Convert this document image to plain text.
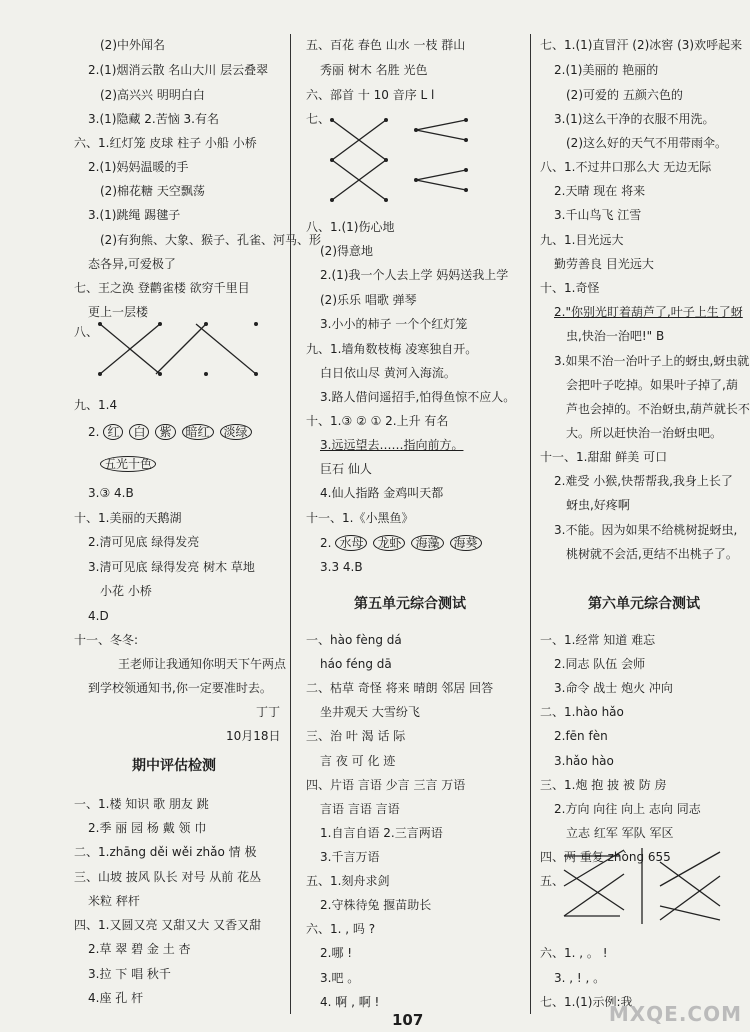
(2)中外闻名
2.(1)烟消云散 名山大川 层云叠翠
(2)高兴兴 明明白白
3.(1)隐藏 2.苦恼 3.有名
六、1.红灯笼 皮球 柱子 小船 小桥
2.(1)妈妈温暖的手
(2)棉花糖 天空飘荡
3.(1)跳绳 踢毽子
(2)有狗熊、大象、猴子、孔雀、河马、形
态各异,可爱极了
七、王之涣 登鹳雀楼 欲穷千里目
更上一层楼
八、
九、1.4
3.③ 4.B
十、1.美丽的天鹅湖
2.清可见底 绿得发亮
3.清可见底 绿得发亮 树木 草地
小花 小桥
4.D
十一、冬冬:
王老师让我通知你明天下午两点
到学校领通知书,你一定要准时去。
丁丁
10月18日
一、1.楼 知识 歌 朋友 跳
2.季 丽 园 杨 戴 领 巾
二、1.zhāng děi wěi zhǎo 情 极
三、山坡 披风 队长 对号 从前 花丛
米粒 秤杆
四、1.又圆又亮 又甜又大 又香又甜
2.草 翠 碧 金 土 杏
3.拉 下 唱 秋千
4.座 孔 杆
五、百花 春色 山水 一枝 群山
秀丽 树木 名胜 光色
六、部首 十 10 音序 L l
七、
八、1.(1)伤心地
(2)得意地
2.(1)我一个人去上学 妈妈送我上学
(2)乐乐 唱歌 弹琴
3.小小的柿子 一个个红灯笼
九、1.墙角数枝梅 凌寒独自开。
白日依山尽 黄河入海流。
3.路人借问遥招手,怕得鱼惊不应人。
十、1.③ ② ① 2.上升 有名
巨石 仙人
4.仙人指路 金鸡叫天都
十一、1.《小黑鱼》
3.3 4.B
一、hào fèng dá
háo féng dā
二、枯草 奇怪 将来 晴朗 邻居 回答
坐井观天 大雪纷飞
三、治 叶 渴 话 际
言 夜 可 化 迹
四、片语 言语 少言 三言 万语
言语 言语 言语
1.自言自语 2.三言两语
3.千言万语
五、1.刻舟求剑
2.守株待兔 揠苗助长
六、1. , 吗 ?
2.哪 !
3.吧 。
4. 啊 , 啊 !
七、1.(1)直冒汗 (2)冰窖 (3)欢呼起来
2.(1)美丽的 艳丽的
(2)可爱的 五颜六色的
3.(1)这么干净的衣服不用洗。
(2)这么好的天气不用带雨伞。
八、1.不过井口那么大 无边无际
2.天晴 现在 将来
3.千山鸟飞 江雪
九、1.目光远大
勤劳善良 目光远大
十、1.奇怪
虫,快治一治吧!" B
3.如果不治一治叶子上的蚜虫,蚜虫就
会把叶子吃掉。如果叶子掉了,葫
芦也会掉的。不治蚜虫,葫芦就长不
大。所以赶快治一治蚜虫吧。
十一、1.甜甜 鲜美 可口
2.难受 小猴,快帮帮我,我身上长了
蚜虫,好疼啊
3.不能。因为如果不给桃树捉蚜虫,
桃树就不会活,更结不出桃子了。
一、1.经常 知道 难忘
2.同志 队伍 会师
3.命令 战士 炮火 冲向
二、1.hào hǎo
2.fēn fèn
3.hǎo hào
三、1.炮 抱 披 被 防 房
2.方向 向往 向上 志向 同志
立志 红军 军队 军区
四、两 重复 zhòng 655
五、
六、1. , 。 !
3. , ! , 。
七、1.(1)示例:我
期中评估检测
第五单元综合测试	第六单元综合测试
2. 红 白 紫 暗红 淡绿
五光十色
2. 水母 龙虾 海藻 海葵
3.远远望去……指向前方。
2."你别光盯着葫芦了,叶子上生了蚜
107	MXQE.COM
